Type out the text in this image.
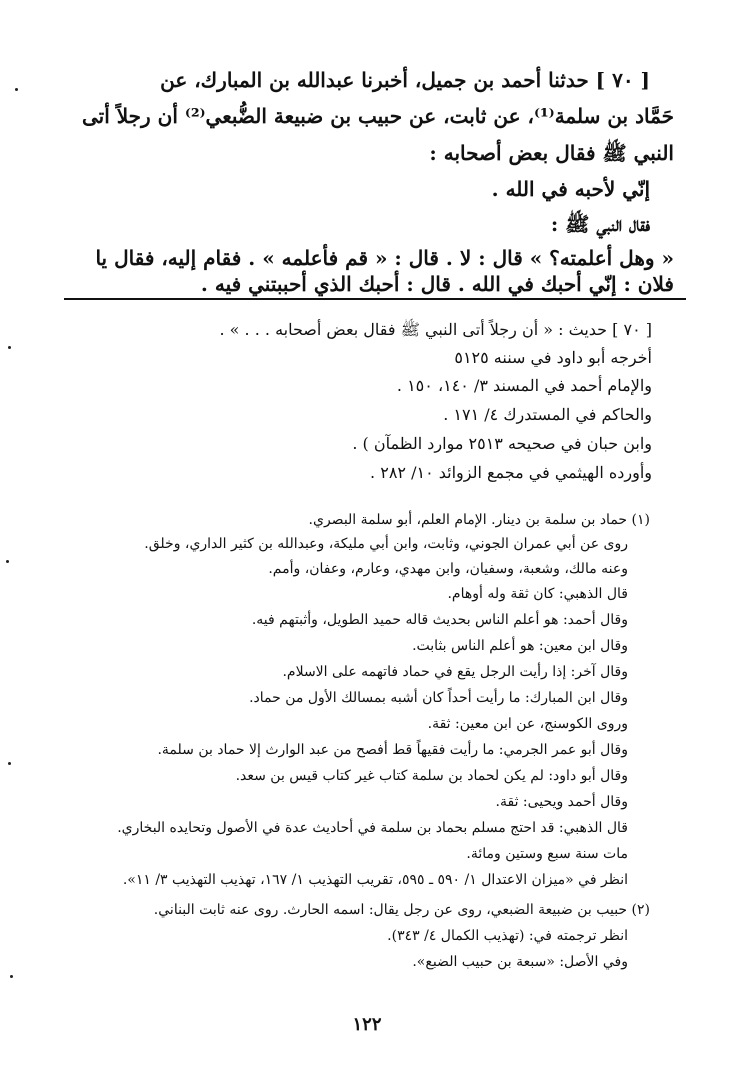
[ ٧٠ ] حدثنا أحمد بن جميل، أخبرنا عبدالله بن المبارك، عن
حَمَّاد بن سلمة⁽¹⁾، عن ثابت، عن حبيب بن ضبيعة الضُّبعي⁽²⁾ أن رجلاً أتى
النبي ﷺ فقال بعض أصحابه :
إنّي لأحبه في الله .
فقال النبي ﷺ :
« وهل أعلمته؟ » قال : لا . قال : « قم فأعلمه » . فقام إليه، فقال يا
فلان : إنّي أحبك في الله . قال : أحبك الذي أحببتني فيه .
[ ٧٠ ] حديث : « أن رجلاً أتى النبي ﷺ فقال بعض أصحابه . . . » .
أخرجه أبو داود في سننه ٥١٢٥
والإمام أحمد في المسند ٣/ ١٤٠، ١٥٠ .
والحاكم في المستدرك ٤/ ١٧١ .
وابن حبان في صحيحه ٢٥١٣ موارد الظمآن ) .
وأورده الهيثمي في مجمع الزوائد ١٠/ ٢٨٢ .
(١) حماد بن سلمة بن دينار. الإمام العلم، أبو سلمة البصري.
روى عن أبي عمران الجوني، وثابت، وابن أبي مليكة، وعبدالله بن كثير الداري، وخلق.
وعنه مالك، وشعبة، وسفيان، وابن مهدي، وعارم، وعفان، وأمم.
قال الذهبي: كان ثقة وله أوهام.
وقال أحمد: هو أعلم الناس بحديث قاله حميد الطويل، وأثبتهم فيه.
وقال ابن معين: هو أعلم الناس بثابت.
وقال آخر: إذا رأيت الرجل يقع في حماد فاتهمه على الاسلام.
وقال ابن المبارك: ما رأيت أحداً كان أشبه بمسالك الأول من حماد.
وروى الكوسنج، عن ابن معين: ثقة.
وقال أبو عمر الجرمي: ما رأيت فقيهاً قط أفصح من عبد الوارث إلا حماد بن سلمة.
وقال أبو داود: لم يكن لحماد بن سلمة كتاب غير كتاب قيس بن سعد.
وقال أحمد ويحيى: ثقة.
قال الذهبي: قد احتج مسلم بحماد بن سلمة في أحاديث عدة في الأصول وتحايده البخاري.
مات سنة سبع وستين ومائة.
انظر في «ميزان الاعتدال ١/ ٥٩٠ ـ ٥٩٥، تقريب التهذيب ١/ ١٦٧، تهذيب التهذيب ٣/ ١١».
(٢) حبيب بن ضبيعة الضبعي، روى عن رجل يقال: اسمه الحارث. روى عنه ثابت البناني.
انظر ترجمته في: (تهذيب الكمال ٤/ ٣٤٣).
وفي الأصل: «سبعة بن حبيب الضبع».
١٢٢
